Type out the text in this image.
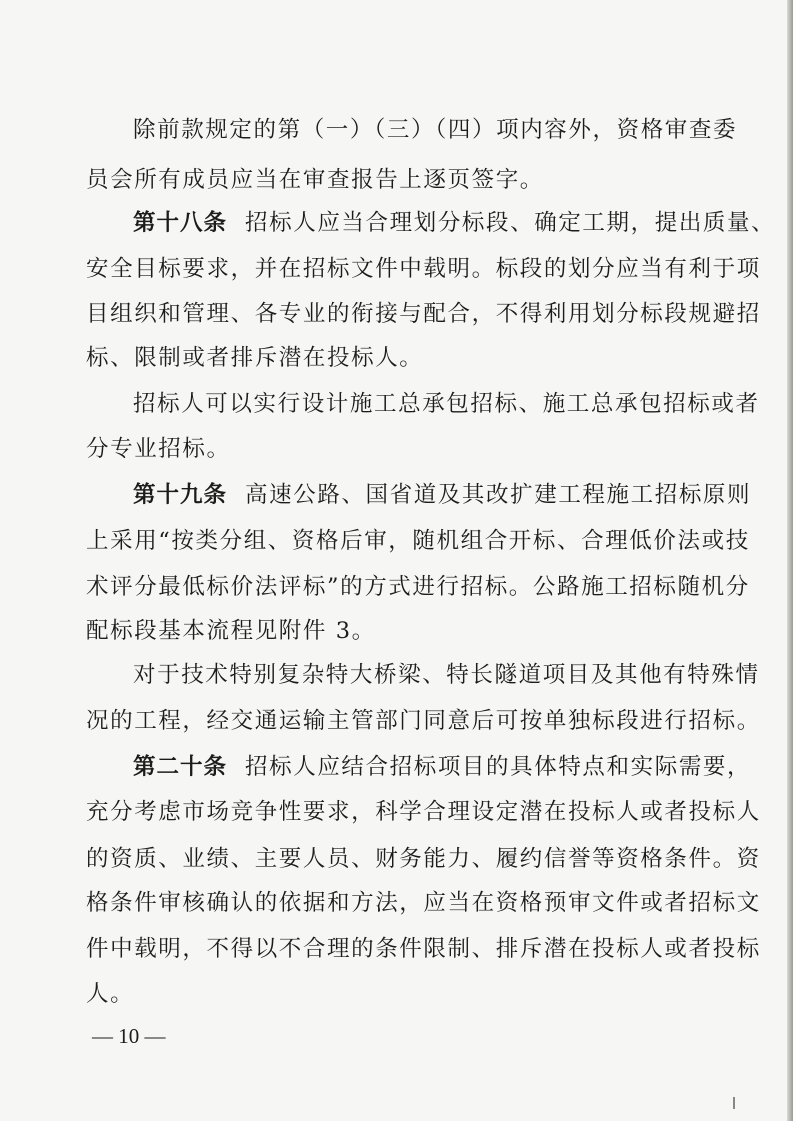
除前款规定的第（一）（三）（四）项内容外，资格审查委
员会所有成员应当在审查报告上逐页签字。
第十八条 招标人应当合理划分标段、确定工期，提出质量、
安全目标要求，并在招标文件中载明。标段的划分应当有利于项
目组织和管理、各专业的衔接与配合，不得利用划分标段规避招
标、限制或者排斥潜在投标人。
招标人可以实行设计施工总承包招标、施工总承包招标或者
分专业招标。
第十九条 高速公路、国省道及其改扩建工程施工招标原则
上采用“按类分组、资格后审，随机组合开标、合理低价法或技
术评分最低标价法评标”的方式进行招标。公路施工招标随机分
配标段基本流程见附件 3。
对于技术特别复杂特大桥梁、特长隧道项目及其他有特殊情
况的工程，经交通运输主管部门同意后可按单独标段进行招标。
第二十条 招标人应结合招标项目的具体特点和实际需要，
充分考虑市场竞争性要求，科学合理设定潜在投标人或者投标人
的资质、业绩、主要人员、财务能力、履约信誉等资格条件。资
格条件审核确认的依据和方法，应当在资格预审文件或者招标文
件中载明，不得以不合理的条件限制、排斥潜在投标人或者投标
人。
— 10 —
